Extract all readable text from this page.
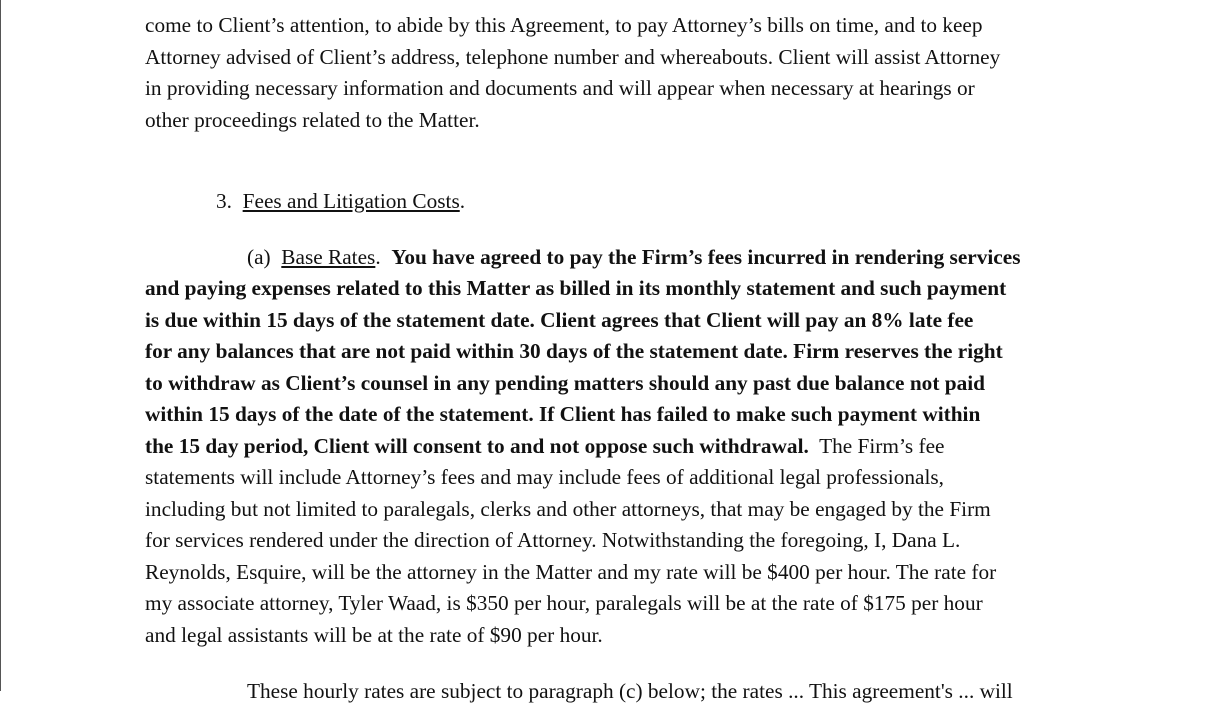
come to Client’s attention, to abide by this Agreement, to pay Attorney’s bills on time, and to keep
Attorney advised of Client’s address, telephone number and whereabouts. Client will assist Attorney
in providing necessary information and documents and will appear when necessary at hearings or
other proceedings related to the Matter.
3. Fees and Litigation Costs.
(a) Base Rates. You have agreed to pay the Firm’s fees incurred in rendering services
and paying expenses related to this Matter as billed in its monthly statement and such payment
is due within 15 days of the statement date. Client agrees that Client will pay an 8% late fee
for any balances that are not paid within 30 days of the statement date. Firm reserves the right
to withdraw as Client’s counsel in any pending matters should any past due balance not paid
within 15 days of the date of the statement. If Client has failed to make such payment within
the 15 day period, Client will consent to and not oppose such withdrawal. The Firm’s fee
statements will include Attorney’s fees and may include fees of additional legal professionals,
including but not limited to paralegals, clerks and other attorneys, that may be engaged by the Firm
for services rendered under the direction of Attorney. Notwithstanding the foregoing, I, Dana L.
Reynolds, Esquire, will be the attorney in the Matter and my rate will be $400 per hour. The rate for
my associate attorney, Tyler Waad, is $350 per hour, paralegals will be at the rate of $175 per hour
and legal assistants will be at the rate of $90 per hour.
These hourly rates are subject to paragraph (c) below; the rates ... This agreement's ... will
